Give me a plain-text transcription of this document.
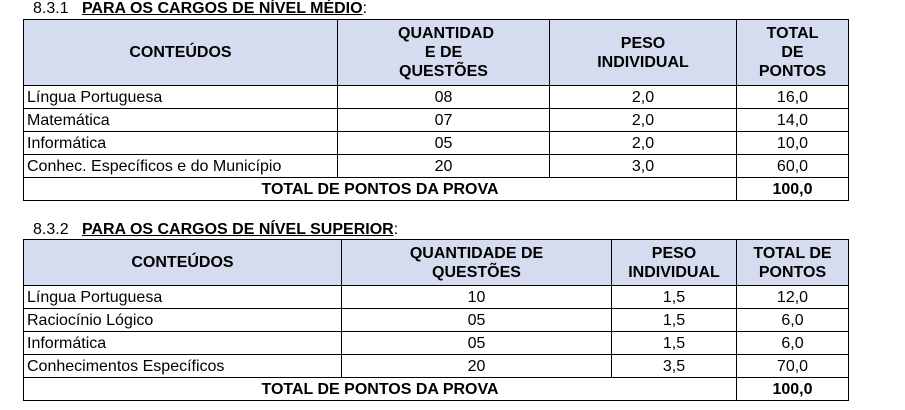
8.3.1 PARA OS CARGOS DE NÍVEL MÉDIO:
CONTEÚDOS	QUANTIDAD E DE QUESTÕES	PESO INDIVIDUAL	TOTAL DE PONTOS
Língua Portuguesa	08	2,0	16,0
Matemática	07	2,0	14,0
Informática	05	2,0	10,0
Conhec. Específicos e do Município	20	3,0	60,0
TOTAL DE PONTOS DA PROVA			100,0
8.3.2 PARA OS CARGOS DE NÍVEL SUPERIOR:
CONTEÚDOS	QUANTIDADE DE QUESTÕES	PESO INDIVIDUAL	TOTAL DE PONTOS
Língua Portuguesa	10	1,5	12,0
Raciocínio Lógico	05	1,5	6,0
Informática	05	1,5	6,0
Conhecimentos Específicos	20	3,5	70,0
TOTAL DE PONTOS DA PROVA			100,0
